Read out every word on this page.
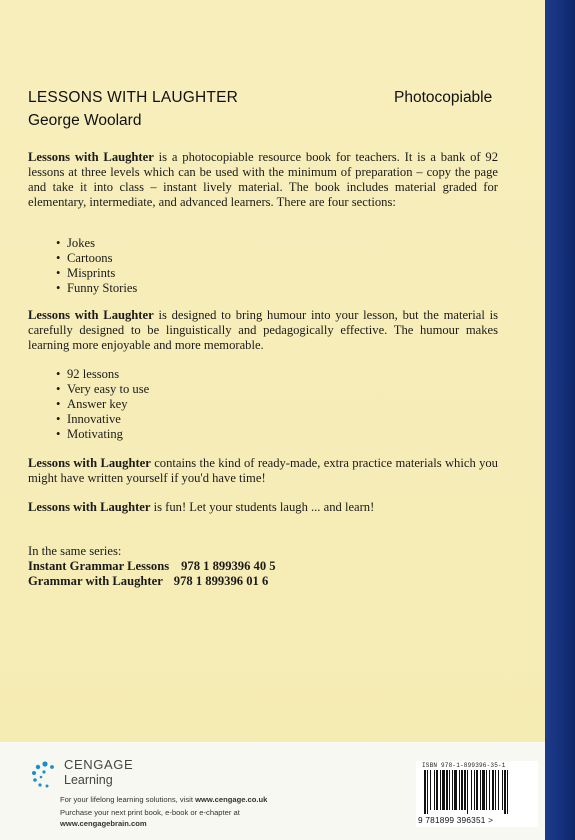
LESSONS WITH LAUGHTER
George Woolard
Photocopiable

Lessons with Laughter is a photocopiable resource book for teachers. It is a bank of 92 lessons at three levels which can be used with the minimum of preparation – copy the page and take it into class – instant lively material. The book includes material graded for elementary, intermediate, and advanced learners. There are four sections:

• Jokes
• Cartoons
• Misprints
• Funny Stories

Lessons with Laughter is designed to bring humour into your lesson, but the material is carefully designed to be linguistically and pedagogically effective. The humour makes learning more enjoyable and more memorable.

• 92 lessons
• Very easy to use
• Answer key
• Innovative
• Motivating

Lessons with Laughter contains the kind of ready-made, extra practice materials which you might have written yourself if you'd have time!

Lessons with Laughter is fun! Let your students laugh ... and learn!

In the same series:
Instant Grammar Lessons 978 1 899396 40 5
Grammar with Laughter 978 1 899396 01 6
CENGAGE
Learning
For your lifelong learning solutions, visit www.cengage.co.uk
Purchase your next print book, e-book or e-chapter at
www.cengagebrain.com
ISBN 978-1-899396-35-1
9 781899 396351 >
